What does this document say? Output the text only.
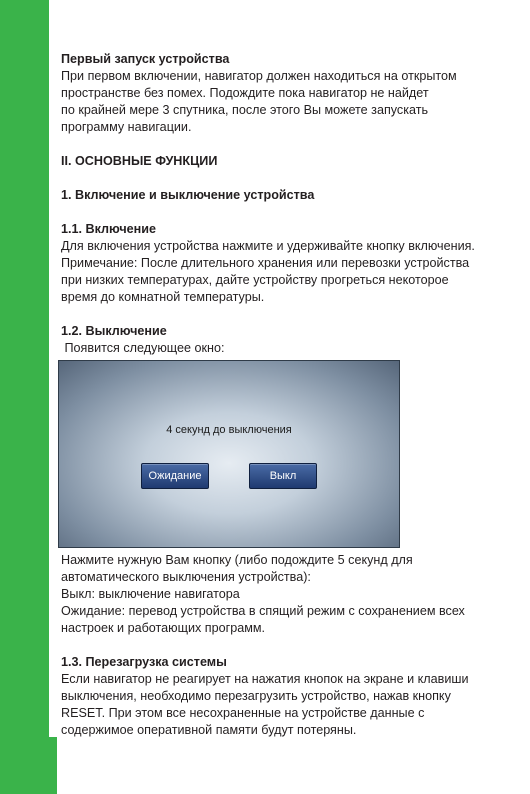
Первый запуск устройства

При первом включении, навигатор должен находиться на открытом

пространстве без помех. Подождите пока навигатор не найдет

по крайней мере 3 спутника, после этого Вы можете запускать

программу навигации.

II. ОСНОВНЫЕ ФУНКЦИИ

1. Включение и выключение устройства

1.1. Включение

Для включения устройства нажмите и удерживайте кнопку включения.

Примечание: После длительного хранения или перевозки устройства

при низких температурах, дайте устройству прогреться некоторое

время до комнатной температуры.

1.2. Выключение

Появится следующее окно:

4 секунд до выключения
Ожидание	Выкл

Нажмите нужную Вам кнопку (либо подождите 5 секунд для

автоматического выключения устройства):

Выкл: выключение навигатора

Ожидание: перевод устройства в спящий режим с сохранением всех

настроек и работающих программ.

1.3. Перезагрузка системы

Если навигатор не реагирует на нажатия кнопок на экране и клавиши

выключения, необходимо перезагрузить устройство, нажав кнопку

RESET. При этом все несохраненные на устройстве данные с

содержимое оперативной памяти будут потеряны.
